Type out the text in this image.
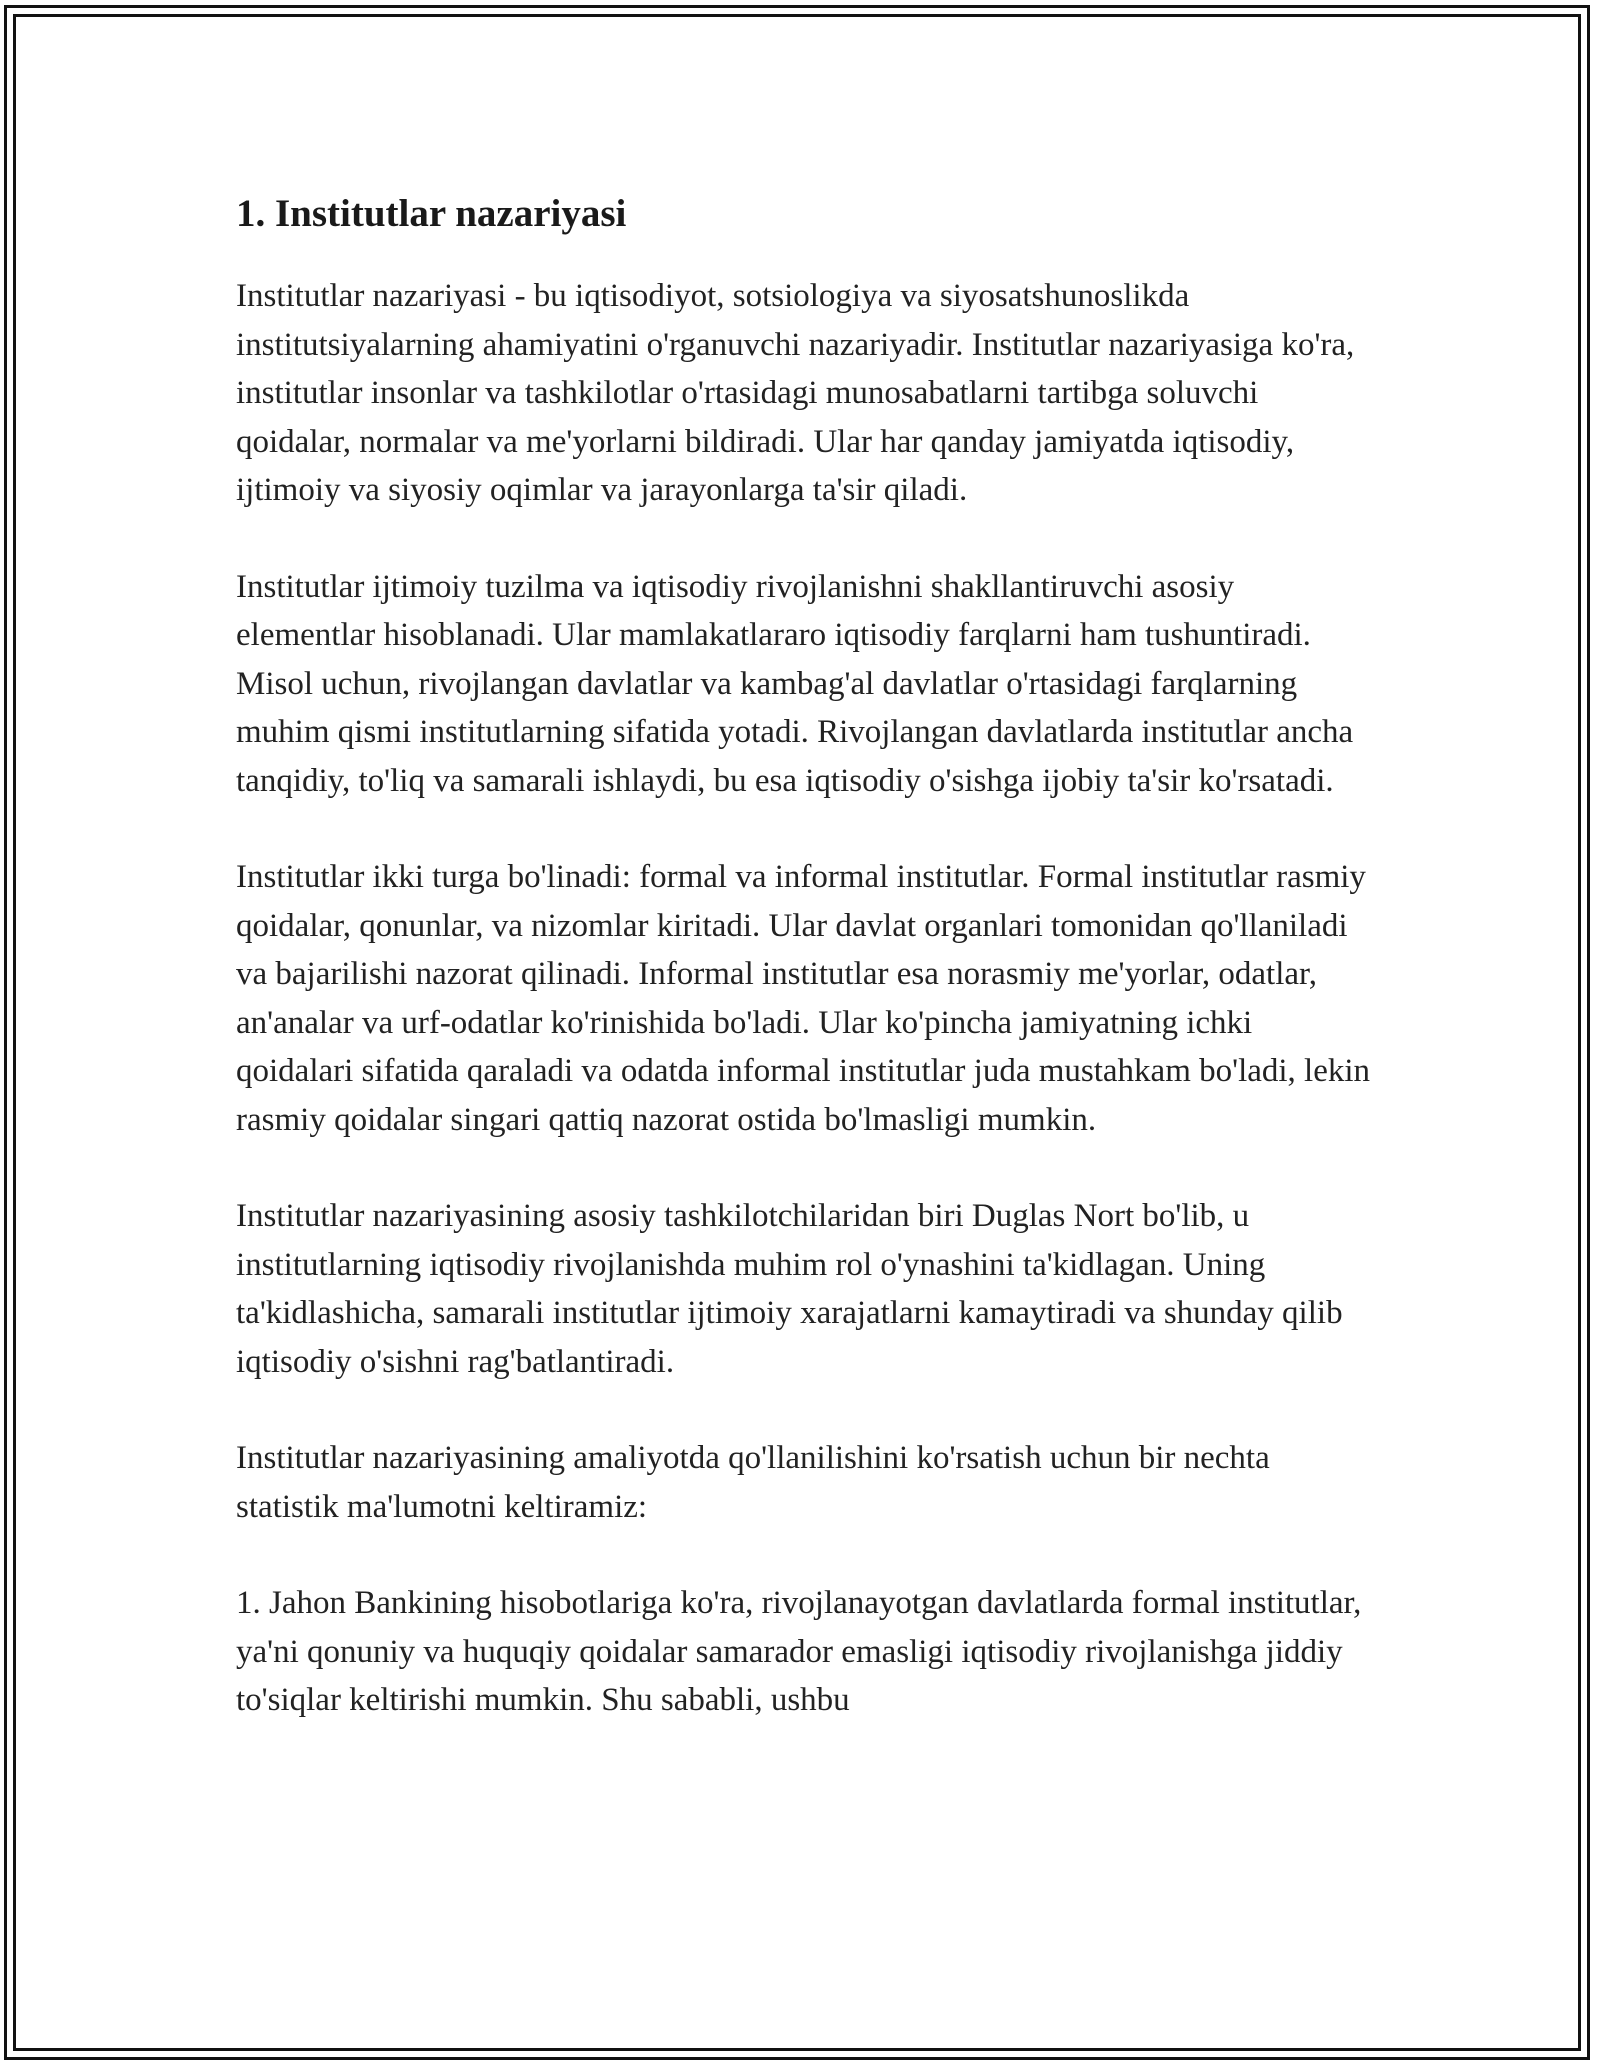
1. Institutlar nazariyasi

Institutlar nazariyasi - bu iqtisodiyot, sotsiologiya va siyosatshunoslikda institutsiyalarning ahamiyatini o'rganuvchi nazariyadir. Institutlar nazariyasiga ko'ra, institutlar insonlar va tashkilotlar o'rtasidagi munosabatlarni tartibga soluvchi qoidalar, normalar va me'yorlarni bildiradi. Ular har qanday jamiyatda iqtisodiy, ijtimoiy va siyosiy oqimlar va jarayonlarga ta'sir qiladi.

Institutlar ijtimoiy tuzilma va iqtisodiy rivojlanishni shakllantiruvchi asosiy elementlar hisoblanadi. Ular mamlakatlararo iqtisodiy farqlarni ham tushuntiradi. Misol uchun, rivojlangan davlatlar va kambag'al davlatlar o'rtasidagi farqlarning muhim qismi institutlarning sifatida yotadi. Rivojlangan davlatlarda institutlar ancha tanqidiy, to'liq va samarali ishlaydi, bu esa iqtisodiy o'sishga ijobiy ta'sir ko'rsatadi.

Institutlar ikki turga bo'linadi: formal va informal institutlar. Formal institutlar rasmiy qoidalar, qonunlar, va nizomlar kiritadi. Ular davlat organlari tomonidan qo'llaniladi va bajarilishi nazorat qilinadi. Informal institutlar esa norasmiy me'yorlar, odatlar, an'analar va urf-odatlar ko'rinishida bo'ladi. Ular ko'pincha jamiyatning ichki qoidalari sifatida qaraladi va odatda informal institutlar juda mustahkam bo'ladi, lekin rasmiy qoidalar singari qattiq nazorat ostida bo'lmasligi mumkin.

Institutlar nazariyasining asosiy tashkilotchilaridan biri Duglas Nort bo'lib, u institutlarning iqtisodiy rivojlanishda muhim rol o'ynashini ta'kidlagan. Uning ta'kidlashicha, samarali institutlar ijtimoiy xarajatlarni kamaytiradi va shunday qilib iqtisodiy o'sishni rag'batlantiradi.

Institutlar nazariyasining amaliyotda qo'llanilishini ko'rsatish uchun bir nechta statistik ma'lumotni keltiramiz:

1. Jahon Bankining hisobotlariga ko'ra, rivojlanayotgan davlatlarda formal institutlar, ya'ni qonuniy va huquqiy qoidalar samarador emasligi iqtisodiy rivojlanishga jiddiy to'siqlar keltirishi mumkin. Shu sababli, ushbu
